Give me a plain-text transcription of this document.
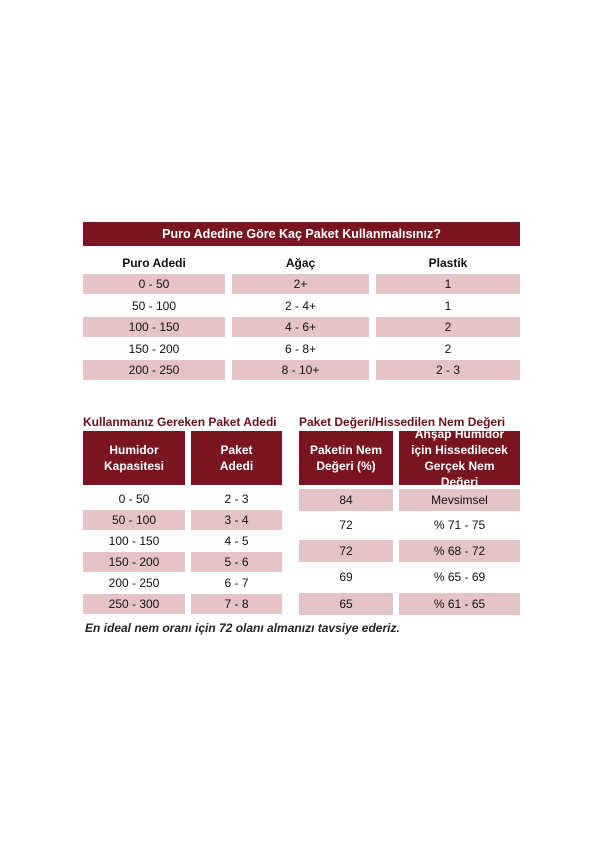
Puro Adedine Göre Kaç Paket Kullanmalısınız?
Puro Adedi	Ağaç	Plastik
0 - 50	2+	1
50 - 100	2 - 4+	1
100 - 150	4 - 6+	2
150 - 200	6 - 8+	2
200 - 250	8 - 10+	2 - 3
Kullanmanız Gereken Paket Adedi
Humidor Kapasitesi
Paket Adedi
0 - 50	2 - 3
50 - 100	3 - 4
100 - 150	4 - 5
150 - 200	5 - 6
200 - 250	6 - 7
250 - 300	7 - 8
Paket Değeri/Hissedilen Nem Değeri
Paketin Nem Değeri (%)
Ahşap Humidor için Hissedilecek Gerçek Nem Değeri
84	Mevsimsel
72	% 71 - 75
72	% 68 - 72
69	% 65 - 69
65	% 61 - 65
En ideal nem oranı için 72 olanı almanızı tavsiye ederiz.
